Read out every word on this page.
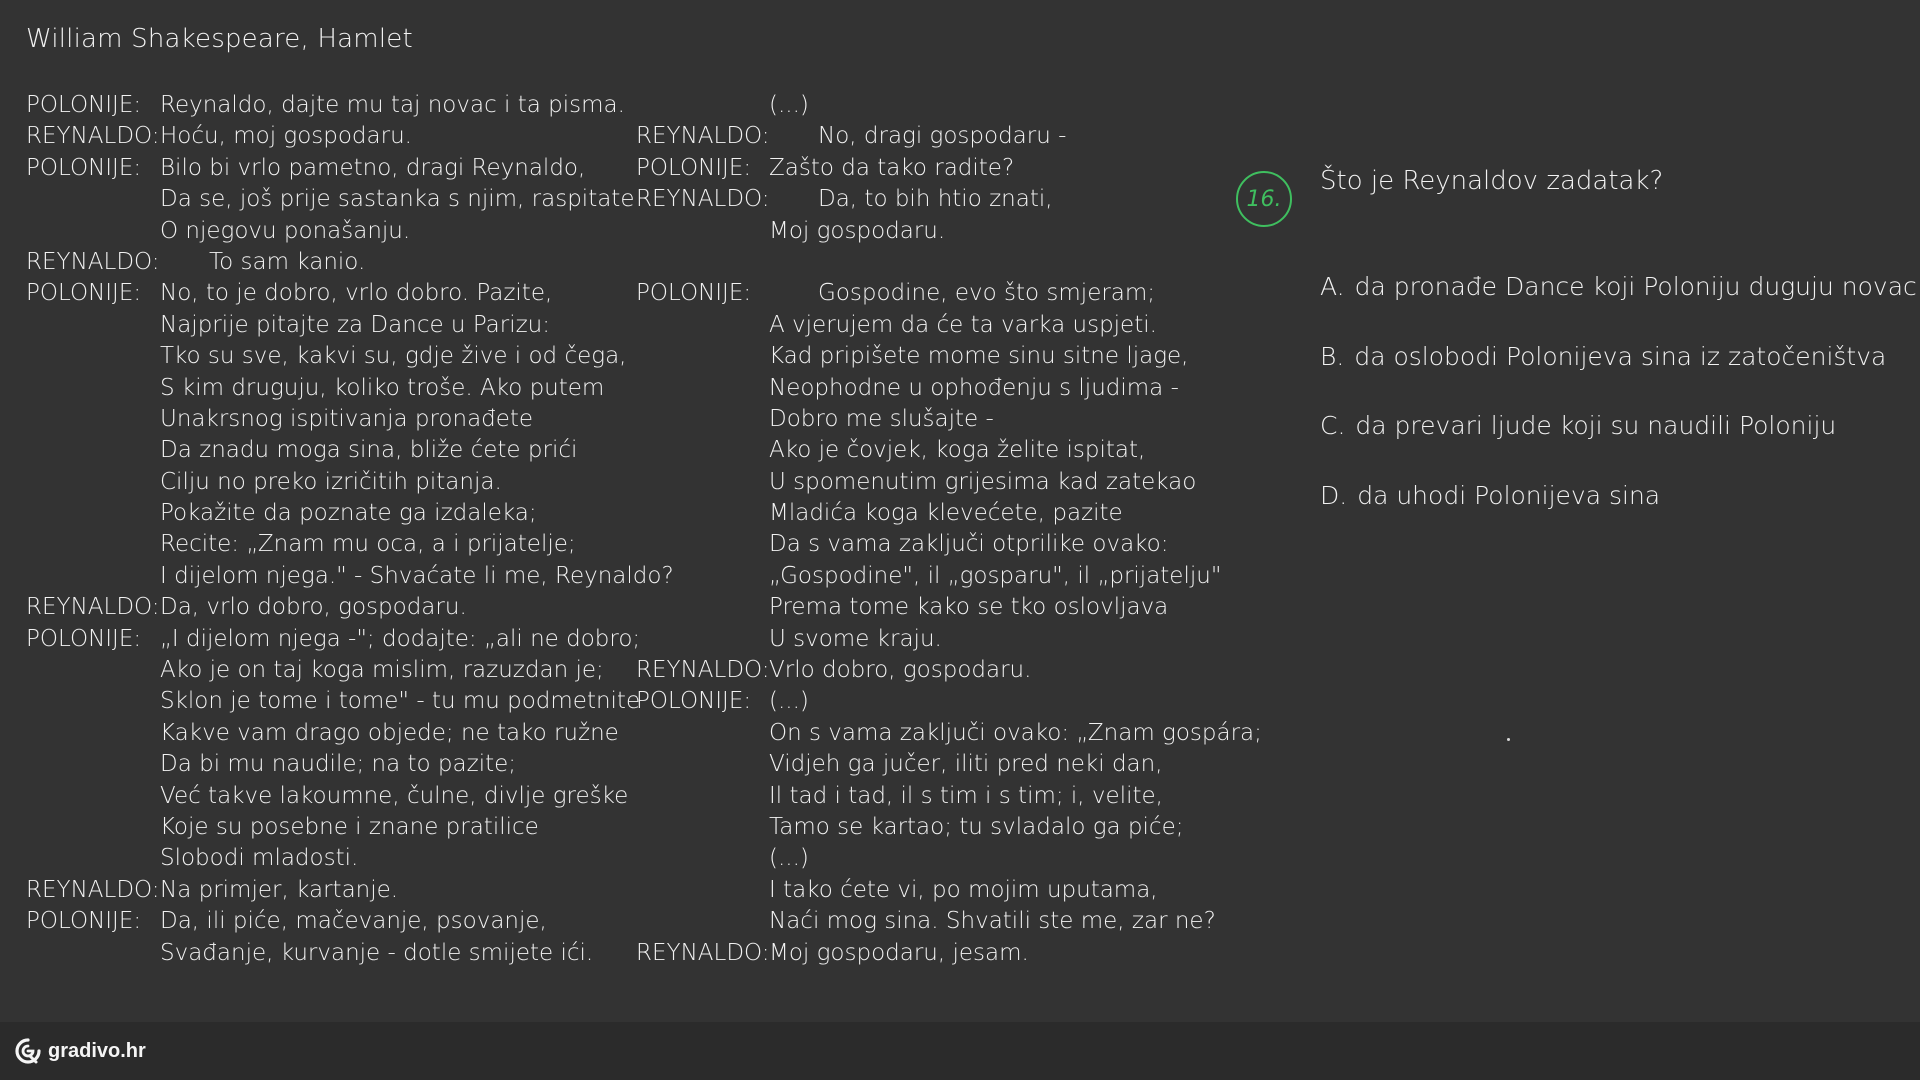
William Shakespeare, Hamlet
POLONIJE: Reynaldo, dajte mu taj novac i ta pisma.
REYNALDO: Hoću, moj gospodaru.
POLONIJE: Bilo bi vrlo pametno, dragi Reynaldo,
Da se, još prije sastanka s njim, raspitate
O njegovu ponašanju.
REYNALDO: To sam kanio.
POLONIJE: No, to je dobro, vrlo dobro. Pazite,
Najprije pitajte za Dance u Parizu:
Tko su sve, kakvi su, gdje žive i od čega,
S kim druguju, koliko troše. Ako putem
Unakrsnog ispitivanja pronađete
Da znadu moga sina, bliže ćete prići
Cilju no preko izričitih pitanja.
Pokažite da poznate ga izdaleka;
Recite: „Znam mu oca, a i prijatelje;
I dijelom njega." - Shvaćate li me, Reynaldo?
REYNALDO: Da, vrlo dobro, gospodaru.
POLONIJE: „I dijelom njega -"; dodajte: „ali ne dobro;
Ako je on taj koga mislim, razuzdan je;
Sklon je tome i tome" - tu mu podmetnite
Kakve vam drago objede; ne tako ružne
Da bi mu naudile; na to pazite;
Već takve lakoumne, čulne, divlje greške
Koje su posebne i znane pratilice
Slobodi mladosti.
REYNALDO: Na primjer, kartanje.
POLONIJE: Da, ili piće, mačevanje, psovanje,
Svađanje, kurvanje - dotle smijete ići.
(...)
REYNALDO: No, dragi gospodaru -
POLONIJE: Zašto da tako radite?
REYNALDO: Da, to bih htio znati,
Moj gospodaru.
POLONIJE:	Gospodine, evo što smjeram;
A vjerujem da će ta varka uspjeti.
Kad pripišete mome sinu sitne ljage,
Neophodne u ophođenju s ljudima -
Dobro me slušajte -
Ako je čovjek, koga želite ispitat,
U spomenutim grijesima kad zatekao
Mladića koga klevećete, pazite
Da s vama zaključi otprilike ovako:
„Gospodine", il „gosparu", il „prijatelju"
Prema tome kako se tko oslovljava
U svome kraju.
REYNALDO: Vrlo dobro, gospodaru.
POLONIJE: (...)
On s vama zaključi ovako: „Znam gospára;
Vidjeh ga jučer, iliti pred neki dan,
Il tad i tad, il s tim i s tim; i, velite,
Tamo se kartao; tu svladalo ga piće;
(...)
I tako ćete vi, po mojim uputama,
Naći mog sina. Shvatili ste me, zar ne?
REYNALDO: Moj gospodaru, jesam.
16.
Što je Reynaldov zadatak?
A. da pronađe Dance koji Poloniju duguju novac
B. da oslobodi Polonijeva sina iz zatočeništva
C. da prevari ljude koji su naudili Poloniju
D. da uhodi Polonijeva sina
gradivo.hr
